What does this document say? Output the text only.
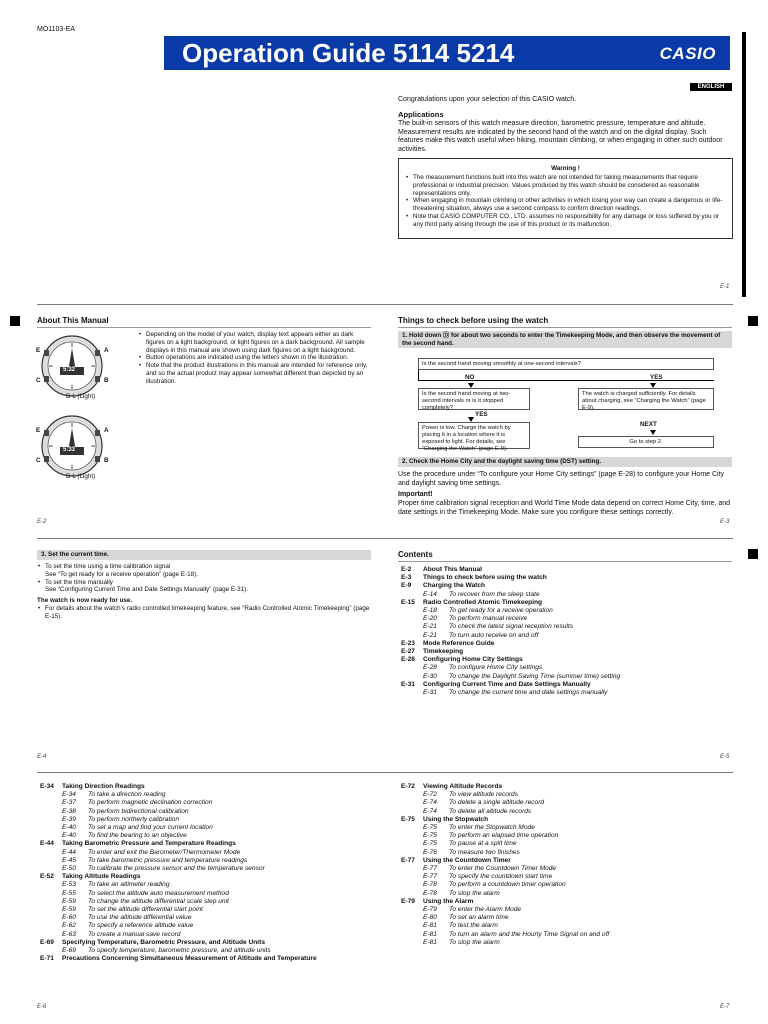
MO1103-EA
Operation Guide 5114 5214	CASIO
ENGLISH
Congratulations upon your selection of this CASIO watch.
Applications
The built-in sensors of this watch measure direction, barometric pressure, temperature and altitude. Measurement results are indicated by the second hand of the watch and on the digital display. Such features make this watch useful when hiking, mountain climbing, or when engaging in other such outdoor activities.
Warning !
• The measurement functions built into this watch are not intended for taking measurements that require professional or industrial precision. Values produced by this watch should be considered as reasonable representations only.
• When engaging in mountain climbing or other activities in which losing your way can create a dangerous or life-threatening situation, always use a second compass to confirm direction readings.
• Note that CASIO COMPUTER CO., LTD. assumes no responsibility for any damage or loss suffered by you or any third party arising through the use of this product or its malfunction.
E-1
About This Manual
• Depending on the model of your watch, display text appears either as dark figures on a light background, or light figures on a dark background. All sample displays in this manual are shown using dark figures on a light background.
• Button operations are indicated using the letters shown in the illustration.
• Note that the product illustrations in this manual are intended for reference only, and so the actual product may appear somewhat different than depicted by an illustration.
5:32
A
B
C
E
D L (Light)
5:33
A
B
C
E
D L (Light)
E-2
Things to check before using the watch
1. Hold down Ⓓ for about two seconds to enter the Timekeeping Mode, and then observe the movement of the second hand.
Is the second hand moving smoothly at one-second intervals?
NO	YES
Is the second hand moving at two-second intervals or is it stopped completely?
The watch is charged sufficiently. For details about charging, see “Charging the Watch” (page E-9).
YES
NEXT
Power is low. Charge the watch by placing it in a location where it is exposed to light. For details, see “Charging the Watch” (page E-9).
Go to step 2.
2. Check the Home City and the daylight saving time (DST) setting.
Use the procedure under “To configure your Home City settings” (page E-28) to configure your Home City and daylight saving time settings.
Important!
Proper time calibration signal reception and World Time Mode data depend on correct Home City, time, and date settings in the Timekeeping Mode. Make sure you configure these settings correctly.
E-3
3. Set the current time.
• To set the time using a time calibration signal
See “To get ready for a receive operation” (page E-18).
• To set the time manually
See “Configuring Current Time and Date Settings Manually” (page E-31).
The watch is now ready for use.
• For details about the watch’s radio controlled timekeeping feature, see “Radio Controlled Atomic Timekeeping” (page E-15).
E-4
Contents
E-2	About This Manual
E-3	Things to check before using the watch
E-9	Charging the Watch
E-14	To recover from the sleep state
E-15	Radio Controlled Atomic Timekeeping
E-18	To get ready for a receive operation
E-20	To perform manual receive
E-21	To check the latest signal reception results
E-21	To turn auto receive on and off
E-23	Mode Reference Guide
E-27	Timekeeping
E-28	Configuring Home City Settings
E-28	To configure Home City settings
E-30	To change the Daylight Saving Time (summer time) setting
E-31	Configuring Current Time and Date Settings Manually
E-31	To change the current time and date settings manually
E-5
E-34	Taking Direction Readings
E-34	To take a direction reading
E-37	To perform magnetic declination correction
E-38	To perform bidirectional calibration
E-39	To perform northerly calibration
E-40	To set a map and find your current location
E-40	To find the bearing to an objective
E-44	Taking Barometric Pressure and Temperature Readings
E-44	To enter and exit the Barometer/Thermometer Mode
E-45	To take barometric pressure and temperature readings
E-50	To calibrate the pressure sensor and the temperature sensor
E-52	Taking Altitude Readings
E-53	To take an altimeter reading
E-55	To select the altitude auto measurement method
E-59	To change the altitude differential scale step unit
E-59	To set the altitude differential start point
E-60	To use the altitude differential value
E-62	To specify a reference altitude value
E-63	To create a manual save record
E-69	Specifying Temperature, Barometric Pressure, and Altitude Units
E-69	To specify temperature, barometric pressure, and altitude units
E-71	Precautions Concerning Simultaneous Measurement of Altitude and Temperature
E-6
E-72	Viewing Altitude Records
E-72	To view altitude records
E-74	To delete a single altitude record
E-74	To delete all altitude records
E-75	Using the Stopwatch
E-75	To enter the Stopwatch Mode
E-75	To perform an elapsed time operation
E-75	To pause at a split time
E-76	To measure two finishes
E-77	Using the Countdown Timer
E-77	To enter the Countdown Timer Mode
E-77	To specify the countdown start time
E-78	To perform a countdown timer operation
E-78	To stop the alarm
E-79	Using the Alarm
E-79	To enter the Alarm Mode
E-80	To set an alarm time
E-81	To test the alarm
E-81	To turn an alarm and the Hourly Time Signal on and off
E-81	To stop the alarm
E-7
